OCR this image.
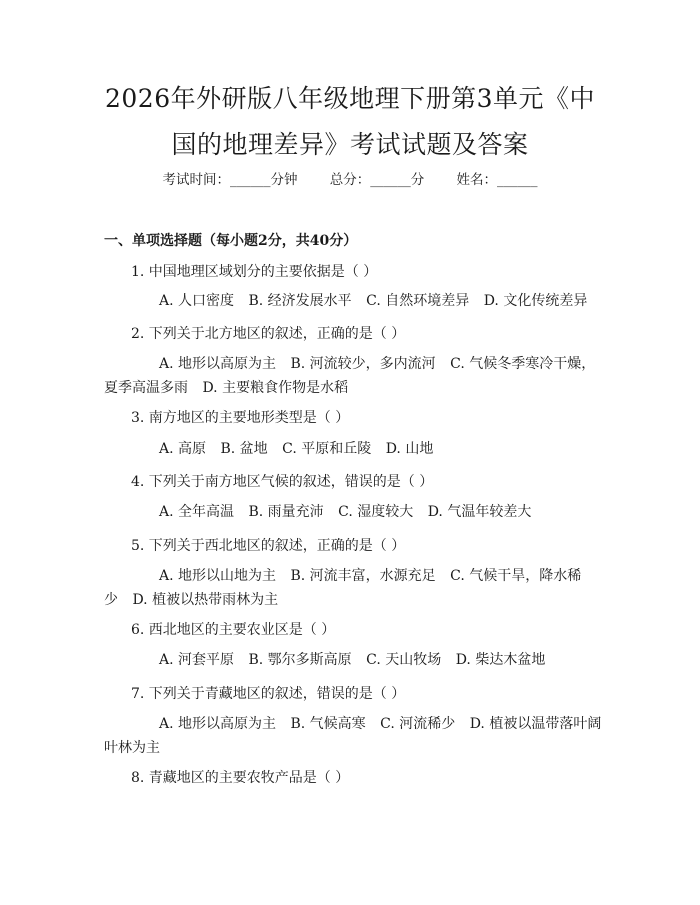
2026年外研版八年级地理下册第3单元《中
国的地理差异》考试试题及答案
考试时间：______分钟 总分：______分 姓名：______
一、单项选择题（每小题2分，共40分）
1. 中国地理区域划分的主要依据是（ ）
A. 人口密度 B. 经济发展水平 C. 自然环境差异 D. 文化传统差异
2. 下列关于北方地区的叙述，正确的是（ ）
A. 地形以高原为主 B. 河流较少，多内流河 C. 气候冬季寒冷干燥，夏季高温多雨 D. 主要粮食作物是水稻
3. 南方地区的主要地形类型是（ ）
A. 高原 B. 盆地 C. 平原和丘陵 D. 山地
4. 下列关于南方地区气候的叙述，错误的是（ ）
A. 全年高温 B. 雨量充沛 C. 湿度较大 D. 气温年较差大
5. 下列关于西北地区的叙述，正确的是（ ）
A. 地形以山地为主 B. 河流丰富，水源充足 C. 气候干旱，降水稀少 D. 植被以热带雨林为主
6. 西北地区的主要农业区是（ ）
A. 河套平原 B. 鄂尔多斯高原 C. 天山牧场 D. 柴达木盆地
7. 下列关于青藏地区的叙述，错误的是（ ）
A. 地形以高原为主 B. 气候高寒 C. 河流稀少 D. 植被以温带落叶阔叶林为主
8. 青藏地区的主要农牧产品是（ ）
